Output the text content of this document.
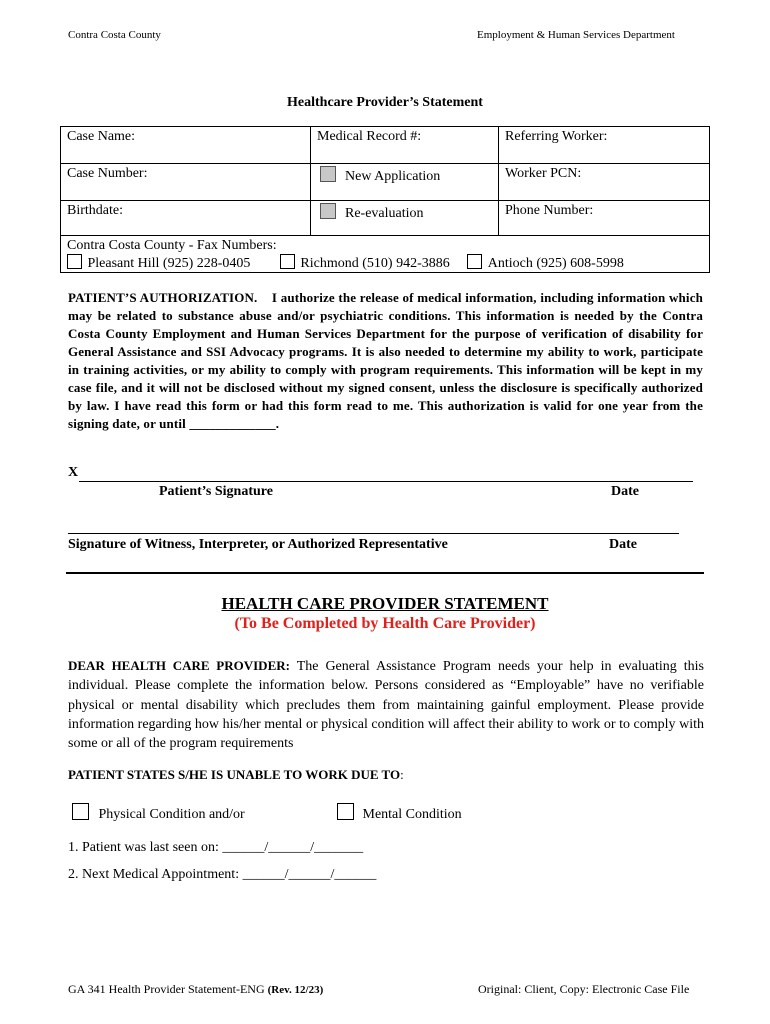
Contra Costa County	Employment & Human Services Department
Healthcare Provider’s Statement
Case Name:	Medical Record #:	Referring Worker:
Case Number:	New Application	Worker PCN:
Birthdate:	Re-evaluation	Phone Number:

Contra Costa County - Fax Numbers:
Pleasant Hill (925) 228-0405 Richmond (510) 942-3886 Antioch (925) 608-5998		
PATIENT’S AUTHORIZATION. I authorize the release of medical information, including information which may be related to substance abuse and/or psychiatric conditions. This information is needed by the Contra Costa County Employment and Human Services Department for the purpose of verification of disability for General Assistance and SSI Advocacy programs. It is also needed to determine my ability to work, participate in training activities, or my ability to comply with program requirements. This information will be kept in my case file, and it will not be disclosed without my signed consent, unless the disclosure is specifically authorized by law. I have read this form or had this form read to me. This authorization is valid for one year from the signing date, or until _____________.
X
Patient’s Signature	Date
Signature of Witness, Interpreter, or Authorized Representative	Date
HEALTH CARE PROVIDER STATEMENT
(To Be Completed by Health Care Provider)
DEAR HEALTH CARE PROVIDER: The General Assistance Program needs your help in evaluating this individual. Please complete the information below. Persons considered as “Employable” have no verifiable physical or mental disability which precludes them from maintaining gainful employment. Please provide information regarding how his/her mental or physical condition will affect their ability to work or to comply with some or all of the program requirements
PATIENT STATES S/HE IS UNABLE TO WORK DUE TO:
Physical Condition and/or	Mental Condition
1. Patient was last seen on: ______/______/_______
2. Next Medical Appointment: ______/______/______
GA 341 Health Provider Statement-ENG (Rev. 12/23)	Original: Client, Copy: Electronic Case File
